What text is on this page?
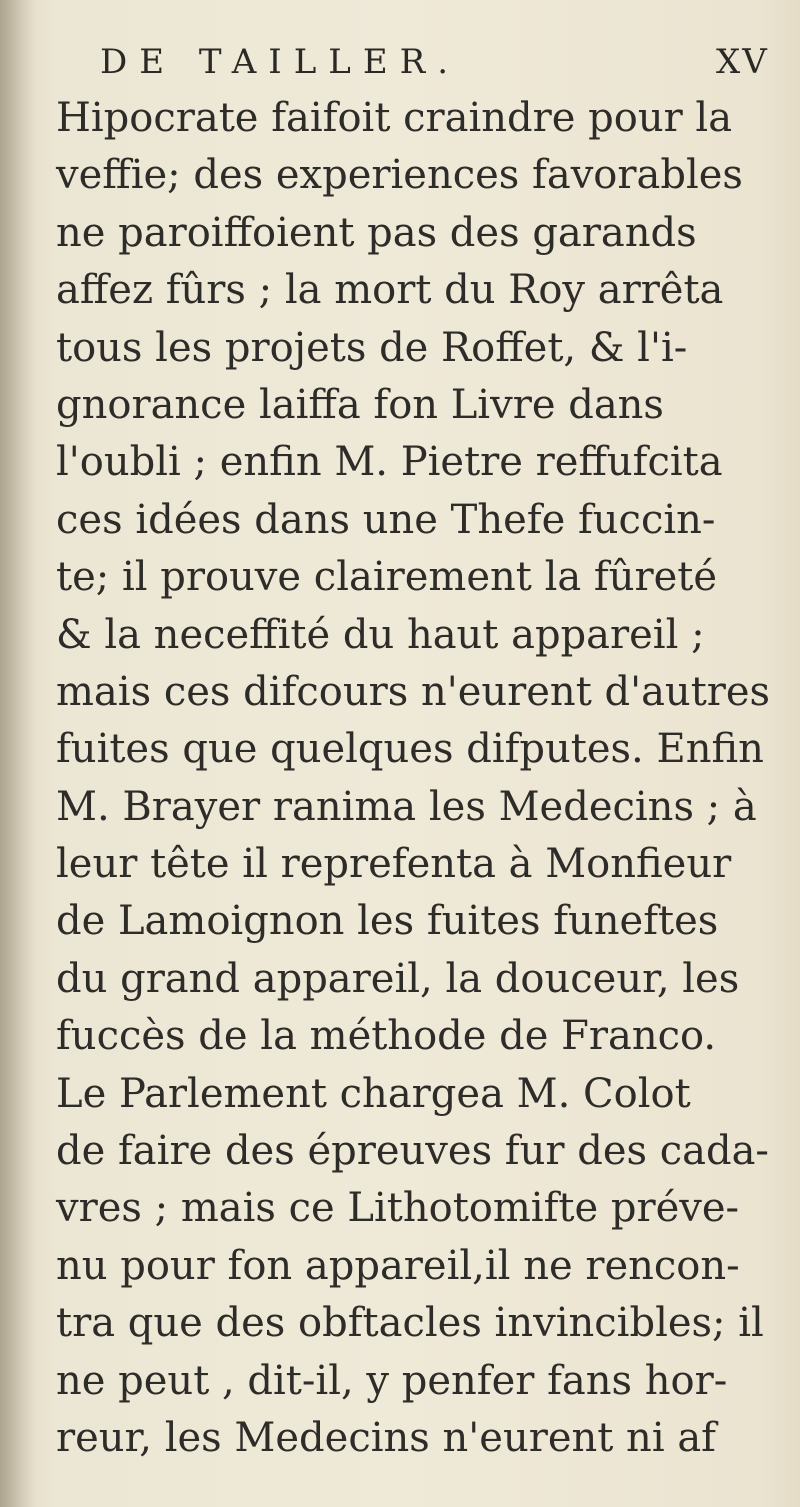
DE TAILLER.	XV
Hipocrate faifoit craindre pour la
veffie; des experiences favorables
ne paroiffoient pas des garands
affez fûrs ; la mort du Roy arrêta
tous les projets de Roffet, & l'i-
gnorance laiffa fon Livre dans
l'oubli ; enfin M. Pietre reffufcita
ces idées dans une Thefe fuccin-
te; il prouve clairement la fûreté
& la neceffité du haut appareil ;
mais ces difcours n'eurent d'autres
fuites que quelques difputes. Enfin
M. Brayer ranima les Medecins ; à
leur tête il reprefenta à Monfieur
de Lamoignon les fuites funeftes
du grand appareil, la douceur, les
fuccès de la méthode de Franco.
Le Parlement chargea M. Colot
de faire des épreuves fur des cada-
vres ; mais ce Lithotomifte préve-
nu pour fon appareil,il ne rencon-
tra que des obftacles invincibles; il
ne peut , dit-il, y penfer fans hor-
reur, les Medecins n'eurent ni af
